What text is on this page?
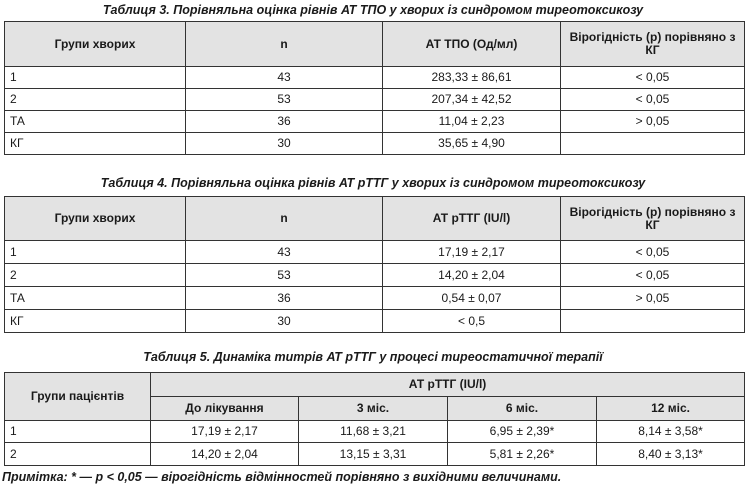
Таблиця 3. Порівняльна оцінка рівнів АТ ТПО у хворих із синдромом тиреотоксикозу
Групи хворих	n	АТ ТПО (Од/мл)	Вірогідність (р) порівняно з КГ
1	43	283,33 ± 86,61	< 0,05
2	53	207,34 ± 42,52	< 0,05
ТА	36	11,04 ± 2,23	> 0,05
КГ	30	35,65 ± 4,90	
Таблиця 4. Порівняльна оцінка рівнів АТ рТТГ у хворих із синдромом тиреотоксикозу
Групи хворих	n	АТ рТТГ (IU/l)	Вірогідність (р) порівняно з КГ
1	43	17,19 ± 2,17	< 0,05
2	53	14,20 ± 2,04	< 0,05
ТА	36	0,54 ± 0,07	> 0,05
КГ	30	< 0,5	
Таблиця 5. Динаміка титрів АТ рТТГ у процесі тиреостатичної терапії
Групи пацієнтів	АТ рТТГ (IU/l)			
	До лікування	3 міс.	6 міс.	12 міс.
1	17,19 ± 2,17	11,68 ± 3,21	6,95 ± 2,39*	8,14 ± 3,58*
2	14,20 ± 2,04	13,15 ± 3,31	5,81 ± 2,26*	8,40 ± 3,13*
Примітка: * — р < 0,05 — вірогідність відмінностей порівняно з вихідними величинами.
